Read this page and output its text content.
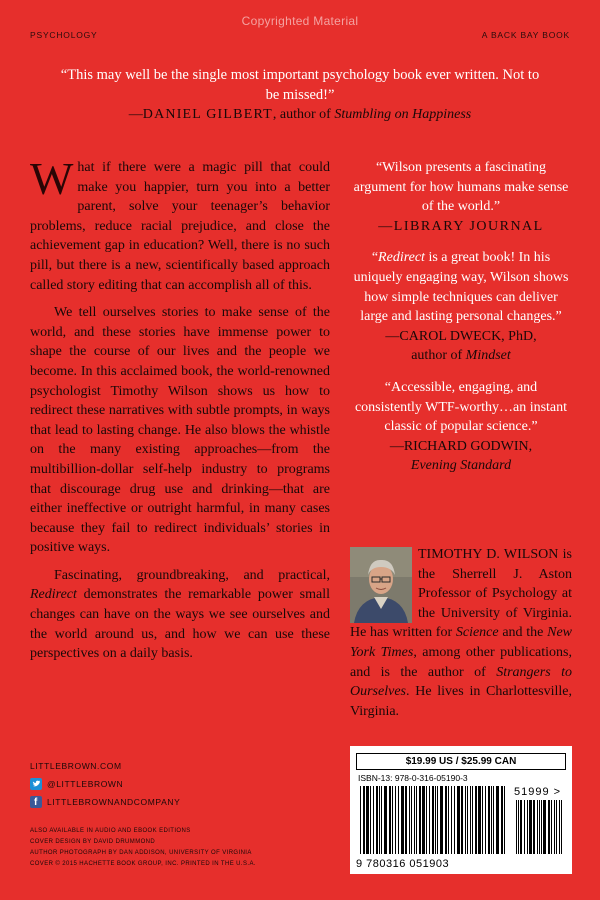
Copyrighted Material
PSYCHOLOGY	A BACK BAY BOOK
“This may well be the single most important psychology book ever written. Not to be missed!”
—DANIEL GILBERT, author of Stumbling on Happiness

What if there were a magic pill that could make you happier, turn you into a better parent, solve your teenager’s behavior problems, reduce racial prejudice, and close the achievement gap in education? Well, there is no such pill, but there is a new, scientifically based approach called story editing that can accomplish all of this.

We tell ourselves stories to make sense of the world, and these stories have immense power to shape the course of our lives and the people we become. In this acclaimed book, the world-renowned psychologist Timothy Wilson shows us how to redirect these narratives with subtle prompts, in ways that lead to lasting change. He also blows the whistle on the many existing approaches—from the multibillion-dollar self-help industry to programs that discourage drug use and drinking—that are either ineffective or outright harmful, in many cases because they fail to redirect individuals’ stories in positive ways.

Fascinating, groundbreaking, and practical, Redirect demonstrates the remarkable power small changes can have on the ways we see ourselves and the world around us, and how we can use these perspectives on a daily basis.

“Wilson presents a fascinating argument for how humans make sense of the world.”
—LIBRARY JOURNAL
“Redirect is a great book! In his uniquely engaging way, Wilson shows how simple techniques can deliver large and lasting personal changes.”
—CAROL DWECK, PhD,
author of Mindset
“Accessible, engaging, and consistently WTF-worthy…an instant classic of popular science.”
—RICHARD GODWIN,
Evening Standard
TIMOTHY D. WILSON is the Sherrell J. Aston Professor of Psychology at the University of Virginia. He has written for Science and the New York Times, among other publications, and is the author of Strangers to Ourselves. He lives in Charlottesville, Virginia.
LITTLEBROWN.COM
@LITTLEBROWN
f	LITTLEBROWNANDCOMPANY
ALSO AVAILABLE IN AUDIO AND EBOOK EDITIONS
COVER DESIGN BY DAVID DRUMMOND
AUTHOR PHOTOGRAPH BY DAN ADDISON, UNIVERSITY OF VIRGINIA
COVER © 2015 HACHETTE BOOK GROUP, INC. PRINTED IN THE U.S.A.
$19.99 US / $25.99 CAN
ISBN-13: 978-0-316-05190-3
51999 >
9 780316 051903
